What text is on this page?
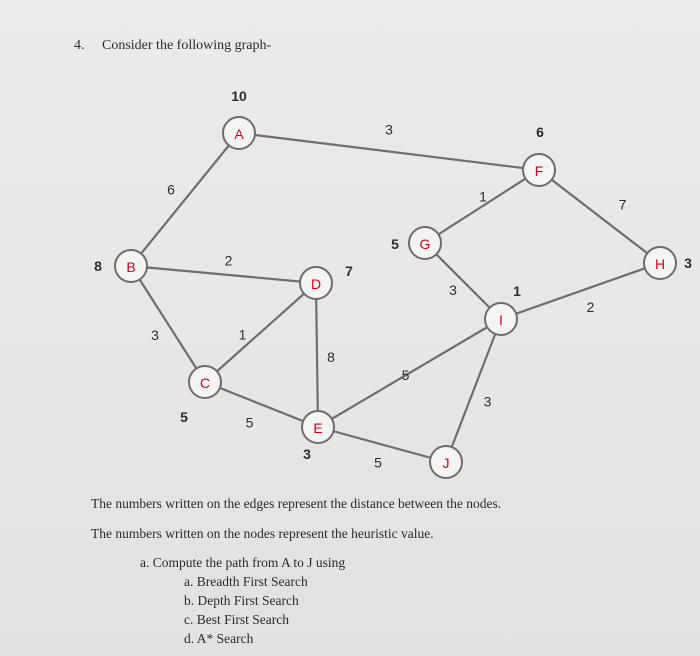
4. Consider the following graph-
3
6
2
3	1
5
8
5
5
1
3
7
2
3
A
B
C
D
E
F
G
H
I
J
10
8
5
7
3
6
5
3
1
The numbers written on the edges represent the distance between the nodes.
The numbers written on the nodes represent the heuristic value.
a. Compute the path from A to J using
a. Breadth First Search
b. Depth First Search
c. Best First Search
d. A* Search
